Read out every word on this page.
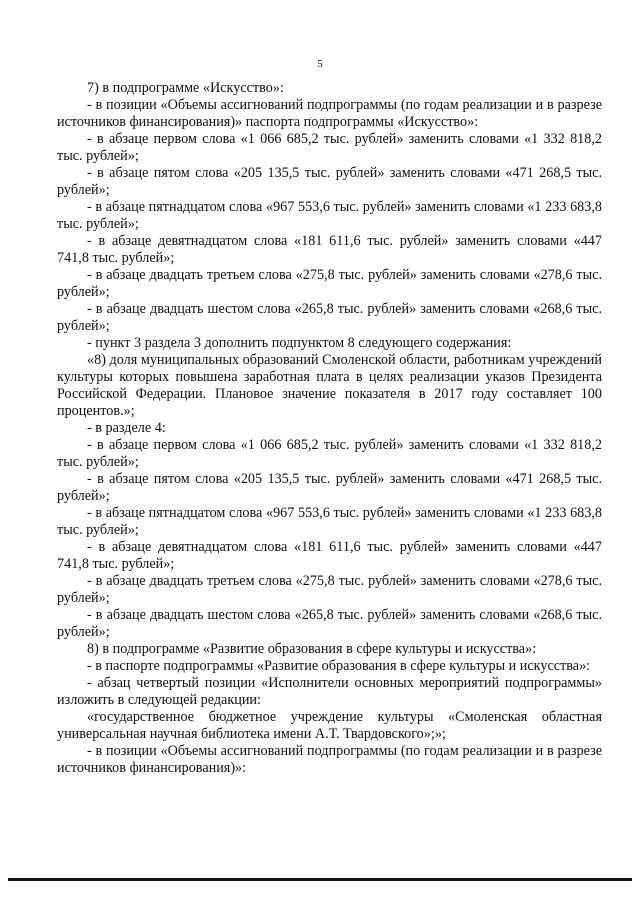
5

7) в подпрограмме «Искусство»:

- в позиции «Объемы ассигнований подпрограммы (по годам реализации и в разрезе источников финансирования)» паспорта подпрограммы «Искусство»:

- в абзаце первом слова «1 066 685,2 тыс. рублей» заменить словами «1 332 818,2 тыс. рублей»;

- в абзаце пятом слова «205 135,5 тыс. рублей» заменить словами «471 268,5 тыс. рублей»;

- в абзаце пятнадцатом слова «967 553,6 тыс. рублей» заменить словами «1 233 683,8 тыс. рублей»;

- в абзаце девятнадцатом слова «181 611,6 тыс. рублей» заменить словами «447 741,8 тыс. рублей»;

- в абзаце двадцать третьем слова «275,8 тыс. рублей» заменить словами «278,6 тыс. рублей»;

- в абзаце двадцать шестом слова «265,8 тыс. рублей» заменить словами «268,6 тыс. рублей»;

- пункт 3 раздела 3 дополнить подпунктом 8 следующего содержания:

«8) доля муниципальных образований Смоленской области, работникам учреждений культуры которых повышена заработная плата в целях реализации указов Президента Российской Федерации. Плановое значение показателя в 2017 году составляет 100 процентов.»;

- в разделе 4:

- в абзаце первом слова «1 066 685,2 тыс. рублей» заменить словами «1 332 818,2 тыс. рублей»;

- в абзаце пятом слова «205 135,5 тыс. рублей» заменить словами «471 268,5 тыс. рублей»;

- в абзаце пятнадцатом слова «967 553,6 тыс. рублей» заменить словами «1 233 683,8 тыс. рублей»;

- в абзаце девятнадцатом слова «181 611,6 тыс. рублей» заменить словами «447 741,8 тыс. рублей»;

- в абзаце двадцать третьем слова «275,8 тыс. рублей» заменить словами «278,6 тыс. рублей»;

- в абзаце двадцать шестом слова «265,8 тыс. рублей» заменить словами «268,6 тыс. рублей»;

8) в подпрограмме «Развитие образования в сфере культуры и искусства»:

- в паспорте подпрограммы «Развитие образования в сфере культуры и искусства»:

- абзац четвертый позиции «Исполнители основных мероприятий подпрограммы» изложить в следующей редакции:

«государственное бюджетное учреждение культуры «Смоленская областная универсальная научная библиотека имени А.Т. Твардовского»;»;

- в позиции «Объемы ассигнований подпрограммы (по годам реализации и в разрезе источников финансирования)»:
